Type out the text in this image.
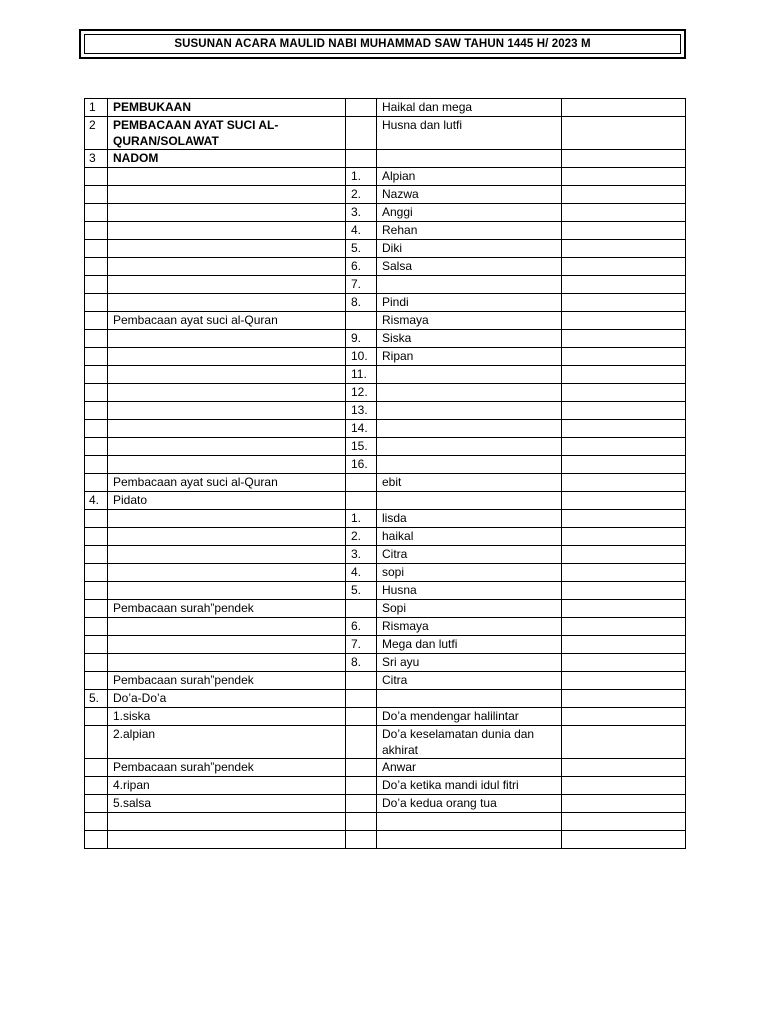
SUSUNAN ACARA MAULID NABI MUHAMMAD SAW TAHUN 1445 H/ 2023 M
1	PEMBUKAAN		Haikal dan mega	
2	PEMBACAAN AYAT SUCI AL-QURAN/SOLAWAT		Husna dan lutfi	
3	NADOM			
		1.	Alpian	
		2.	Nazwa	
		3.	Anggi	
		4.	Rehan	
		5.	Diki	
		6.	Salsa	
		7.		
		8.	Pindi	
	Pembacaan ayat suci al-Quran		Rismaya	
		9.	Siska	
		10.	Ripan	
		11.		
		12.		
		13.		
		14.		
		15.		
		16.		
	Pembacaan ayat suci al-Quran		ebit	
4.	Pidato			
		1.	lisda	
		2.	haikal	
		3.	Citra	
		4.	sopi	
		5.	Husna	
	Pembacaan surah”pendek		Sopi	
		6.	Rismaya	
		7.	Mega dan lutfi	
		8.	Sri ayu	
	Pembacaan surah”pendek		Citra	
5.	Do’a-Do’a			
	1.siska		Do’a mendengar halilintar	
	2.alpian		Do’a keselamatan dunia dan akhirat	
	Pembacaan surah”pendek		Anwar	
	4.ripan		Do’a ketika mandi idul fitri	
	5.salsa		Do’a kedua orang tua	
